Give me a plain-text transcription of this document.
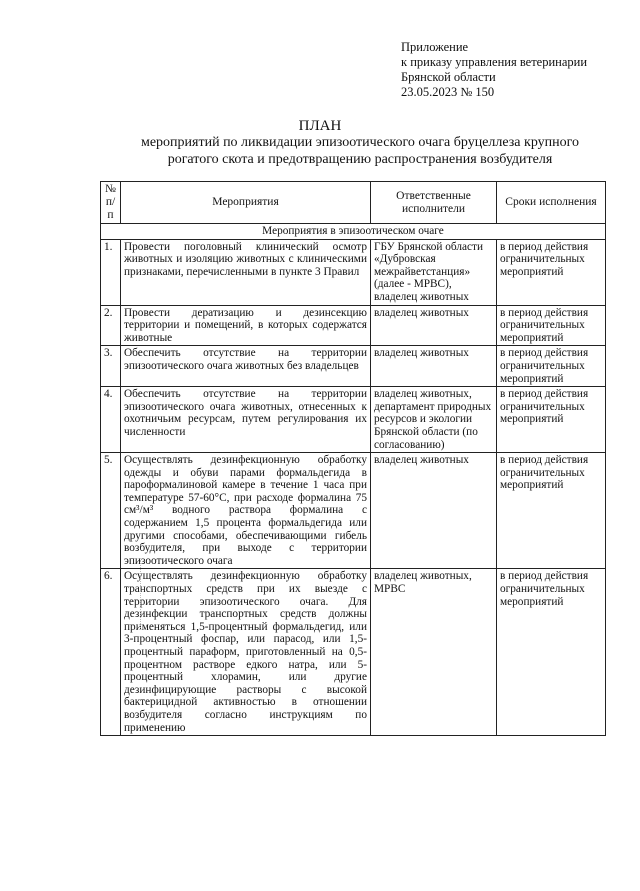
Приложение
к приказу управления ветеринарии
Брянской области
23.05.2023 № 150
ПЛАН
мероприятий по ликвидации эпизоотического очага бруцеллеза крупного
рогатого скота и предотвращению распространения возбудителя
№ п/п	Мероприятия	Ответственные исполнители	Сроки исполнения
Мероприятия в эпизоотическом очаге			
1.	Провести поголовный клинический осмотр животных и изоляцию животных с клиническими признаками, перечисленными в пункте 3 Правил	ГБУ Брянской области «Дубровская межрайветстанция» (далее - МРВС), владелец животных	в период действия ограничительных мероприятий
2.	Провести дератизацию и дезинсекцию территории и помещений, в которых содержатся животные	владелец животных	в период действия ограничительных мероприятий
3.	Обеспечить отсутствие на территории эпизоотического очага животных без владельцев	владелец животных	в период действия ограничительных мероприятий
4.	Обеспечить отсутствие на территории эпизоотического очага животных, отнесенных к охотничьим ресурсам, путем регулирования их численности	владелец животных, департамент природных ресурсов и экологии Брянской области (по согласованию)	в период действия ограничительных мероприятий
5.	Осуществлять дезинфекционную обработку одежды и обуви парами формальдегида в пароформалиновой камере в течение 1 часа при температуре 57-60°С, при расходе формалина 75 см³/м³ водного раствора формалина с содержанием 1,5 процента формальдегида или другими способами, обеспечивающими гибель возбудителя, при выходе с территории эпизоотического очага	владелец животных	в период действия ограничительных мероприятий
6.	Осуществлять дезинфекционную обработку транспортных средств при их выезде с территории эпизоотического очага. Для дезинфекции транспортных средств должны применяться 1,5-процентный формальдегид, или 3-процентный фоспар, или парасод, или 1,5-процентный параформ, приготовленный на 0,5-процентном растворе едкого натра, или 5-процентный хлорамин, или другие дезинфицирующие растворы с высокой бактерицидной активностью в отношении возбудителя согласно инструкциям по применению	владелец животных, МРВС	в период действия ограничительных мероприятий
